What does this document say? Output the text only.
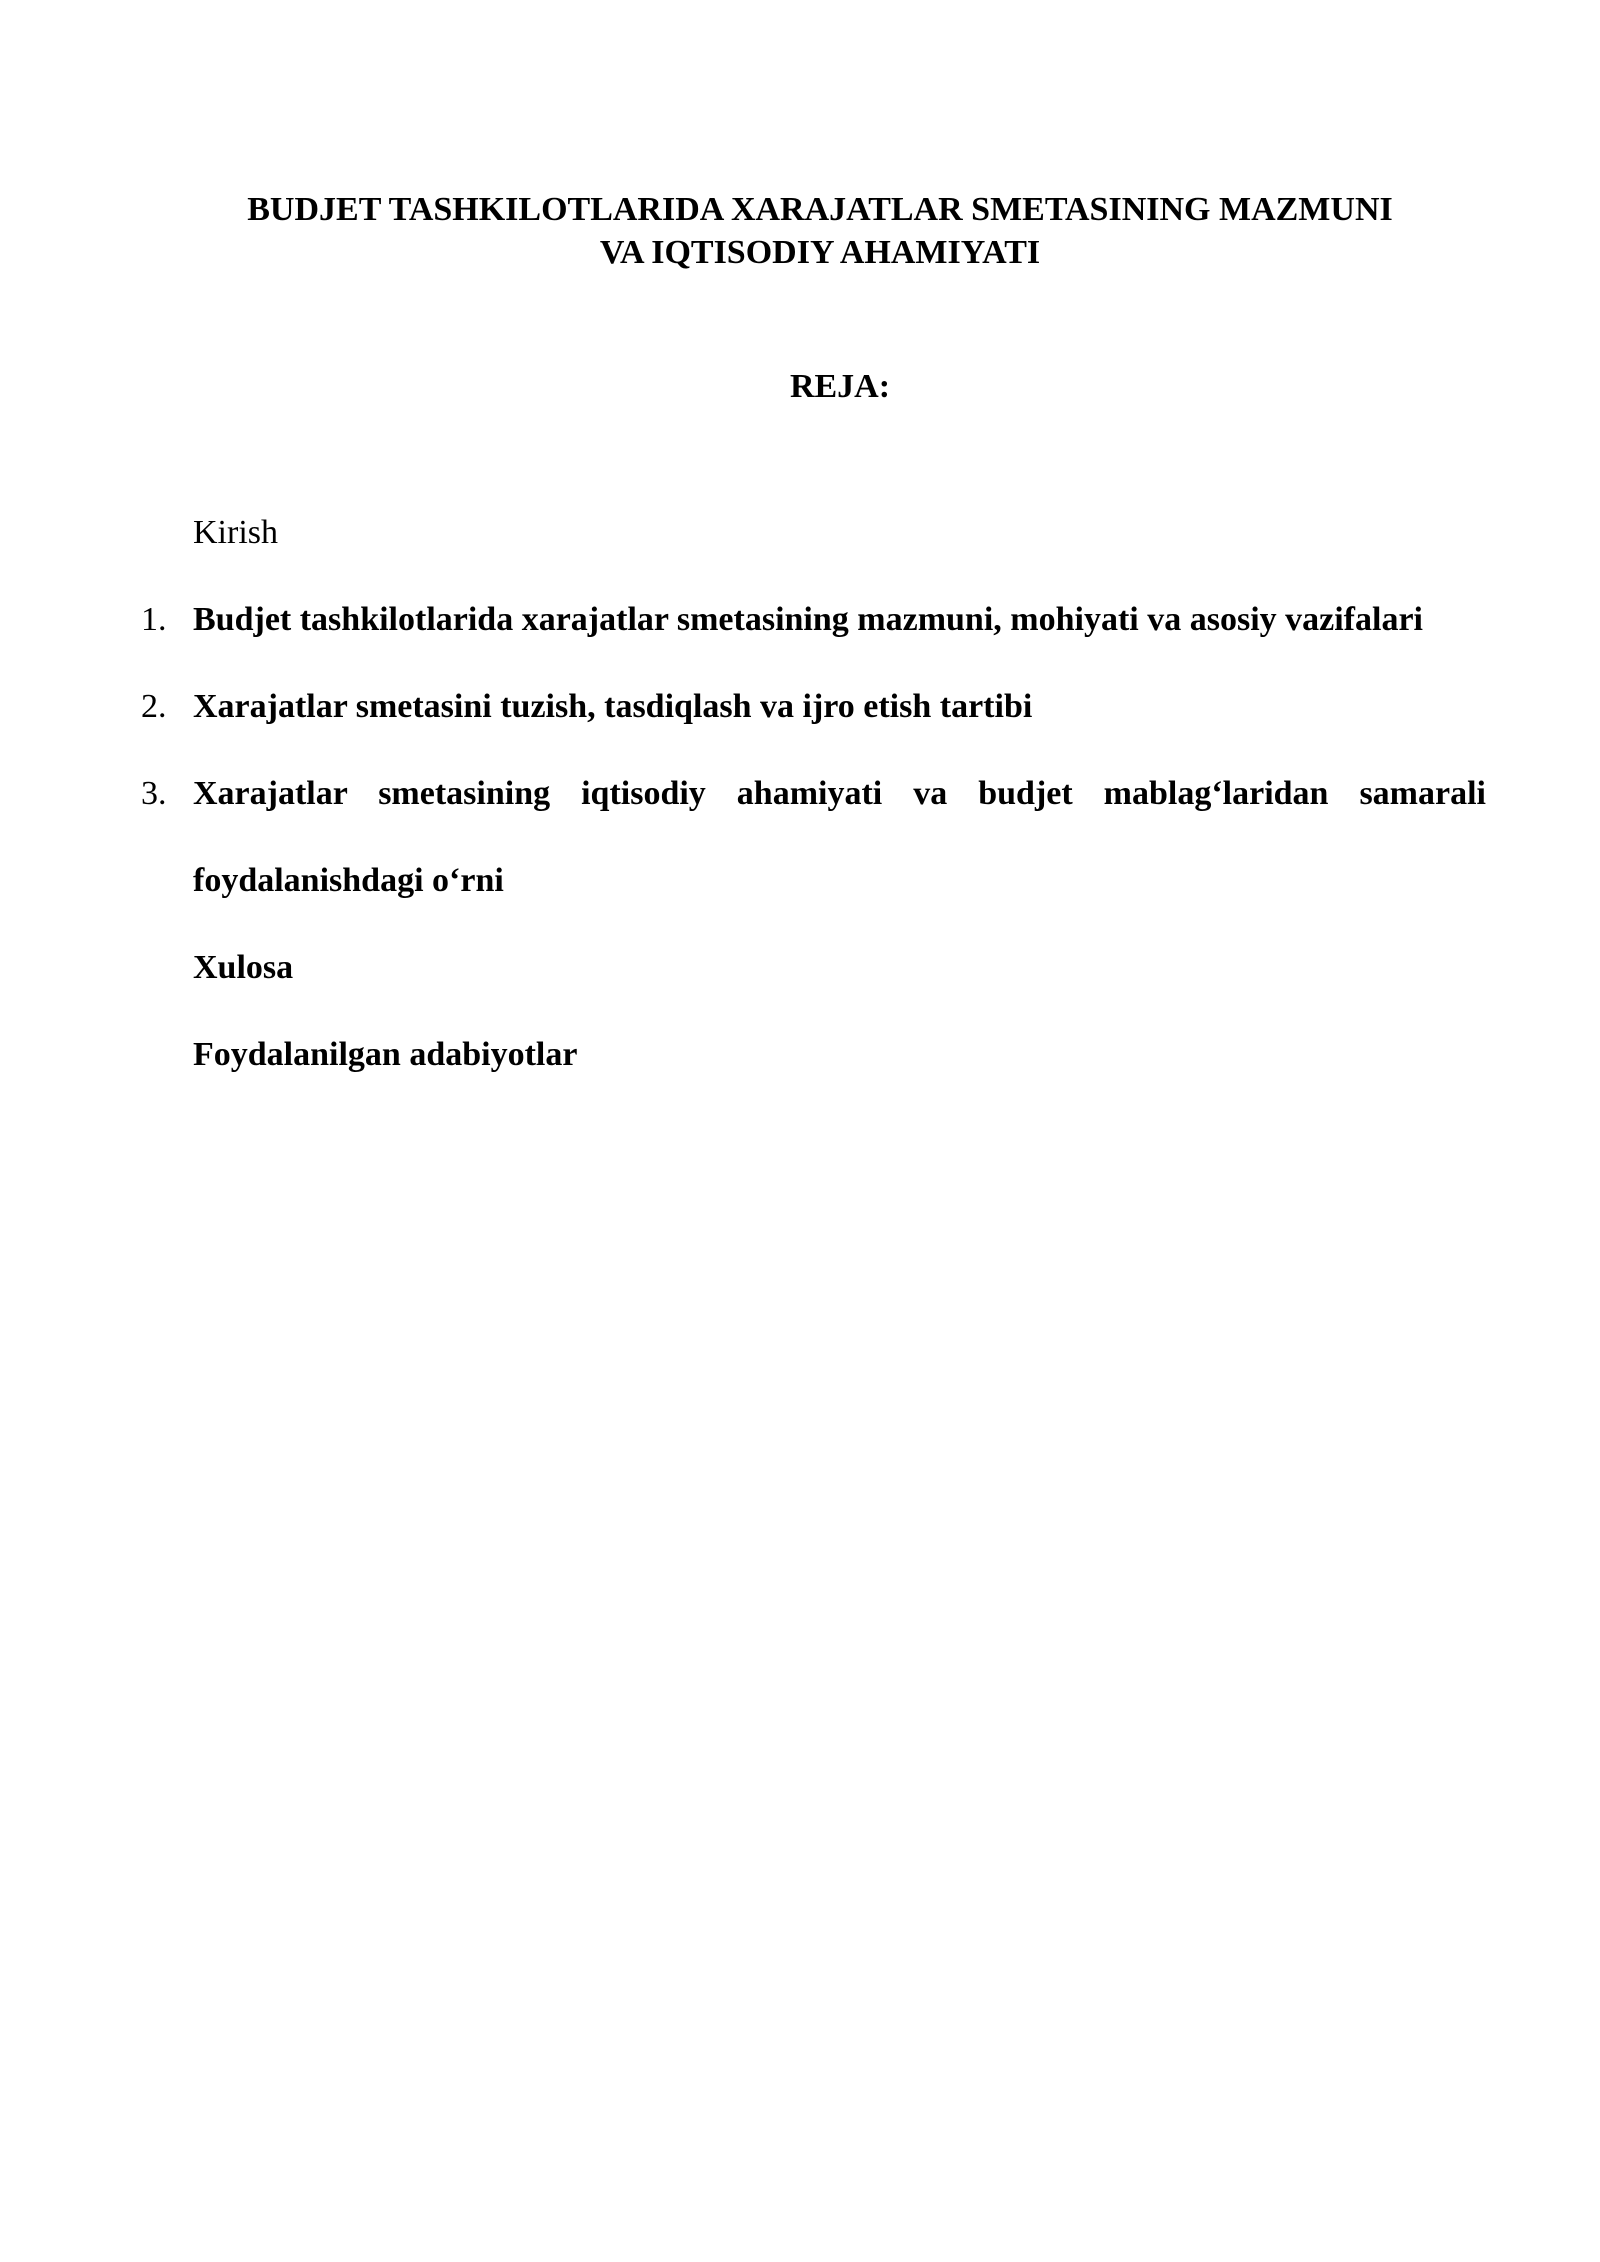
BUDJET TASHKILOTLARIDA XARAJATLAR SMETASINING MAZMUNI
VA IQTISODIY AHAMIYATI
REJA:

Kirish

1. Budjet tashkilotlarida xarajatlar smetasining mazmuni, mohiyati va asosiy vazifalari
2. Xarajatlar smetasini tuzish, tasdiqlash va ijro etish tartibi
3. Xarajatlar smetasining iqtisodiy ahamiyati va budjet mablag‘laridan samarali foydalanishdagi o‘rni

Xulosa

Foydalanilgan adabiyotlar
